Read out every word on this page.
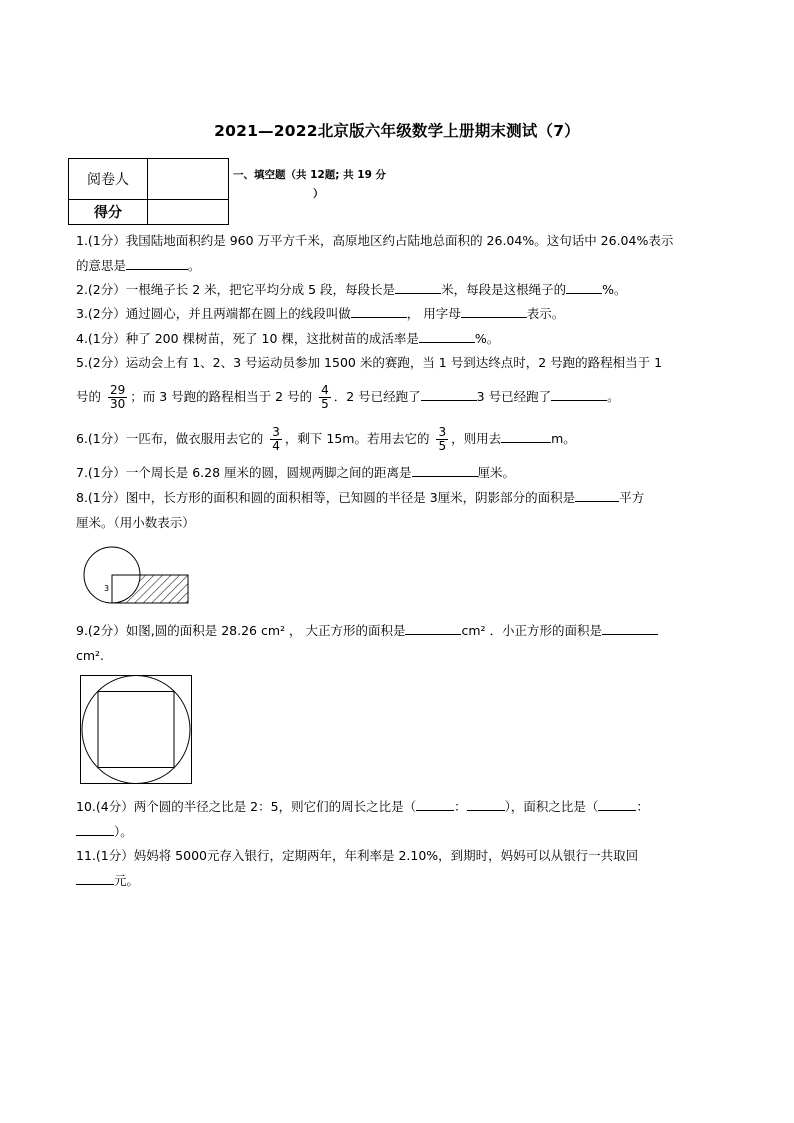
2021—2022北京版六年级数学上册期末测试（7）
阅卷人	
得分	
一、填空题（共 12题; 共 19 分
）
1.(1分）我国陆地面积约是 960 万平方千米，高原地区约占陆地总面积的 26.04%。这句话中 26.04%表示
的意思是	。
2.(2分）一根绳子长 2 米，把它平均分成 5 段，每段长是	米，每段是这根绳子的	%。
3.(2分）通过圆心，并且两端都在圆上的线段叫做	， 用字母	表示。
4.(1分）种了 200 棵树苗，死了 10 棵，这批树苗的成活率是	%。
5.(2分）运动会上有 1、2、3 号运动员参加 1500 米的赛跑，当 1 号到达终点时，2 号跑的路程相当于 1
号的 $\frac{29}{30}$ ；而 3 号跑的路程相当于 2 号的 $\frac{4}{5}$ ．2 号已经跑了	3 号已经跑了	。
6.(1分）一匹布，做衣服用去它的 $\frac{3}{4}$ ，剩下 15m。若用去它的 $\frac{3}{5}$ ，则用去	m。
7.(1分）一个周长是 6.28 厘米的圆，圆规两脚之间的距离是	厘米。
8.(1分）图中，长方形的面积和圆的面积相等，已知圆的半径是 3厘米，阴影部分的面积是	平方
厘米。（用小数表示）
3
9.(2分）如图,圆的面积是 28.26 cm² ， 大正方形的面积是	cm² ．小正方形的面积是
cm².
10.(4分）两个圆的半径之比是 2：5，则它们的周长之比是（	：	），面积之比是（	：
）。
11.(1分）妈妈将 5000元存入银行，定期两年，年利率是 2.10%，到期时，妈妈可以从银行一共取回
元。
